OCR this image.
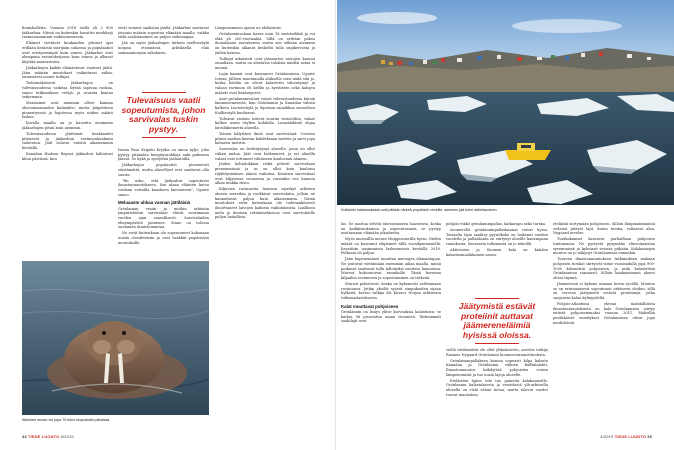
finnishalleita. Vuonna 2018 siellä oli 2 800 jääkarhua. Niissä on kuitenkin havaittu merkkejä ravinnonsaannin vaikeutumisesta.

Eläimet viettävät kuukauden pituiset ajat erillään kesäisin merijään sulaessa ja populaatiot ovat eristyneempiä kuin ennen. Jääkarhut ovat alempana ravintoketjussa kuin ennen ja alkavat käyttää maaravintoa.

Jääkarhujen kaikki elämäntavat vaativat jäätä. Jään määrän muutokset vaikuttavat niihin, ennustavat monet tutkijat.

Todennäköisesti jääkarhujen on tulevaisuudessa vaikeaa löytää sopivaa ruokaa, sanoo tutkimuksen vetäjä, ja seurata kantaa tarkemmin.

Morsiamet ovat aiemmin olleet kannan elinvoimaisuuden kulmakivi, mutta jääpeitteen pienentyessä ja hajotessa myös niiden määrä laskee.

Kovalla maalla on jo havaittu enemmän jääkarhujen pesiä kuin aiemmin.

Tulevaisuudessa jäättömät kesäkaudet pitenevät ja jääkarhun ravinnonhankinta vaikeutuu. Jäät sulavat entistä aikaisemmin keväällä.

Kanadan Hudson Bayssä jääkarhut laihtuivat kilon päivässä, kun

eivät voineet saalistaa jäältä. Jääkarhut saattavat joissain määrin sopeutua elämään maalla, vaikka sielä saalistaminen on paljon vaikeampaa.

Jää on myös jääkarhujen tärkein vaellusväylä norpan etsinnässä. Arktiksella elää saimaannorpan sukulaisia.

Tulevaisuus vaatii sopeutumista, johon sarvivalas tuskin pystyy.

Ismen Pasa Kripido Kryidia on ainoa hylje, joka pystyy pitämään hengitysaukkoja auki paksussa jäässä. Se kykä ja syntyttää jäälautoilla.

Jääkarhujen populaatiot pienenevät väistämättä, mutta alueelliset erot saattavat olla suuria.

"En usko, että jääkarhut sopeutuvat ilmastonmuutokseen. Sen alaan eläinten kutsu voidaan vertailla kaaoksen kuivuuteen", Ugarte sanoo.

Meluaaste uhkaa vuonan jättiläisiä

Grönlannin vesiin ja muihin arktisiin ympäristöihin sarvivalaat elävät suurimman vuoden ajan vaarallisesti. Sarvivalaiden elinympäristö pienenee. Sinne on tulossa enemmän ihmistoimintaa.

Ne eivät kuitenkaan ole sopeutuneet kokonaan uusiin olosuhteisiin ja ovat herkkiä ympäristön muutoksille.

Lämpenemisen ajasse ne ahdistuvat.

Grönlanninvalaan kavsa noin 18 metrisekkiä ja voi elää yli 200-vuotiaaksi. Sillä on erittäin paksu ihonalainen rasvakerros mutta sen sitkeän aiemmin on kuitenkin alkanut keskeltä tulla siipikerrosta ja jäiden kanssa.

Tutkijat aikaisesti ovat jääsaarten raivojen kanssa ennallaan, mutta on alustavia tuloksia näiden sataa ei mennä.

Lajin kannat ovat kasvaneet Grönlannissa, Ugarte toteaa. Jälleen muutamalla aluksella voisi niidä sitä jo, koska heidän ne olivat kalastettu vähentymyt ja valaan ravinnon eli krillin ja äyriäisten sekä kalojen määrät ovat lisääntyneet.

Arat grönlanninvalaat voivat tulevaisuudessa kärsiä lämmenemisestä, kun Grönlannin ja Kanadan välistä kulkeva Luoteisväylä ja Siperian rannikkoa seuraileva Koillisväylä kuuluavat.

Tulisivat vastoin tulevat suuriin vesistöihin, valaat kulkee usein väylien kohdalla. Lainsäädäntö ohjaa laivaliikennettä alueella.

Toinen hälyttävä ilmiö ovat sarvivalaat. Urosten pituus saattaa kasvaa kahdeksaan metriin ja sarvi jopa kolmeen metriin.

Sarvivalas on levittäytynyt alueelle, jossa on ollut vähän melua. Jäät ovat heikenneet, ja eri alueilla valaat ovat tottuneet vähäiseen kuuluvaan ääneen.

Jäiden kohtalokkaat riskit pitävät sarvivalaan pienemmässä ja se on ollut kuin kuuluisa räjähdysmäisen äänen vaikutus. Kesäisin sarvivalaat ovat hiljaisissa vuonoissa ja varsinkin sen kunnon alkaa niukka riisto.

Kiljuvien ravinnosta luonnon myrskyt arktisen alueen mereihin ja ruokkivat sarvivalaita, jolloin ne kannattavat paljon kuin aikaisemmin. Nämä muutokset eivät kuitenkaan ole todennäköisesti ilmoittaneet laivojen kaikista vaikutuksista. Liiallinen melu ja ihmisen rutiinimeluisuus ovat sarvivalaille paljon haitallisia.

Aikuinen mursu voi jopa 70 kilon simpukoita päivässä.
34 TIEDE LUONTO 4/2019
Kuikkerin kalastuskasat ovat pitkään tärkeä ympäristö veneille, asemien jää tulee aktiivisuuteen.

las. Se saattaa selvitä tulevaisuuden haasteista, koska on kaikkiruokainen ja sopeutuvainen, se pystyy asuttamaan elämään jokialueita.

Myös murssillla menee Huippuvuorilla hyvin. Niiden määrä on kasvanut eläpäneet tällä vuosikymmenellä, havaittiin uusimmissa laskennoissa keväällä 2018. Polkasia oli paljon.

Jään hupeneminen muuttaa mursujen elämäntapaa. Ne joutuvat viettämään enemmän aikaa maalla, missä poikaset saattavat tulla tallotuiksi suurissa laumoissa. Mursut kokoontuvat rannikolle. Tämä kovenna kilpailua ravinnosta ja sopeutuminen on tärkeää.

Mursut pelastuvat, koska ne kykenevät valittamaan ravintonsa. Jotkin yksilöt syövät simpukoiden sijaan hylkeitä, kertoo tutkija Kit Kovacs Norjan arktisesta tutkimuslaitoksesta.

Kalat muuttavat pohjoiseen

Grönlannin on lisäys ylitse korvauksia kalastusta: se kattaa 96 prosenttia maan viennistä. Tärkeimmät saaliilajit ovat

pohjois-eikkö grönlanninpallas, katkarapu sekä turska.

Avomerellä grönlanninpallaskannat voivat hyvin. Toisaalta lajin saalitsy pyyntikoko on laskenut vuoden vuodelta ja pallaskanta on siirtynyt alueille kauempana rannikosta. Seuraavia tutkimusiä on jo tekeillä.

Aktiivisten ja Suomen kala on kahden kalastusmaaliikomen sanoo.

Jäätymistä estävät proteiinit auttavat jäämereneläimiä hyisissä oloissa.

viellä väittämättä ole ollut ylikalastettu, arvelee tutkija Rasmus Nygaard Grönlannin luonnonvarainstituutista.

Grönlanninpallaksen kanssa nopeasti kilpa kalasta Kanadan ja Grönlannin välinen Baffininlahti. Ilmastonmuutos kiihdyttää pohjoisten vesien lämpenemistä ja tuo uusia lajeja alueelle.

Eteläisten lajien tulo tuo paineita kalakannoille. Grönlannin kalastuksesta ja vesistöistä ylä-arktisella alueella on vielä vähän tietoa, mutta tulevat vuodet tuovat muutoksia.

eteläisiä siirtymään pohjoiseen. Silloin lämpimämmässä vedessä pitävät lajit, kuten turska, valtaavat alaa, Nygaard arvelee.

Turskakannat kasvavat parhaillaan pohjoisen tuntumassa. Ne pystyvät pysymään elinvoimaisina syvemmissä ja kylmissä vesissä pitkään. Kalakantojen muutos on jo näkynyt Grönlannissa ennenkin.

Tuoreen ilmastonmuutoksen tutkimuksen mukaan pohjoisen turskat siirtyivät viime vuosisadalla jopa 900-1000 kilometriä pohjoiseen, ja niitä kalastettiin Grönlannissa runsaasti. Silloin kaukaisimmat alueet olivat täynnä.

Jäämeressä ei kykene uimaan kovin syvällä. Muuten se on erinomaisesti sopeutunut arktiseen oloihin: sillä on veressä jäätymistä estäviä proteiineja, jotka suojaavat kalaa kylmyydeltä.

Pohjois-Atlantissa yhtenä mahdollisista ilmastonmuutoksista on kala Grönlannissa siirtyy entistä pohjoisemmaksi vuonna 2011. Makrillin peräkkäiset ennätykset Grönlannissa olivat jopa merkittäviä.

4/2019 TIEDE LUONTO 35
